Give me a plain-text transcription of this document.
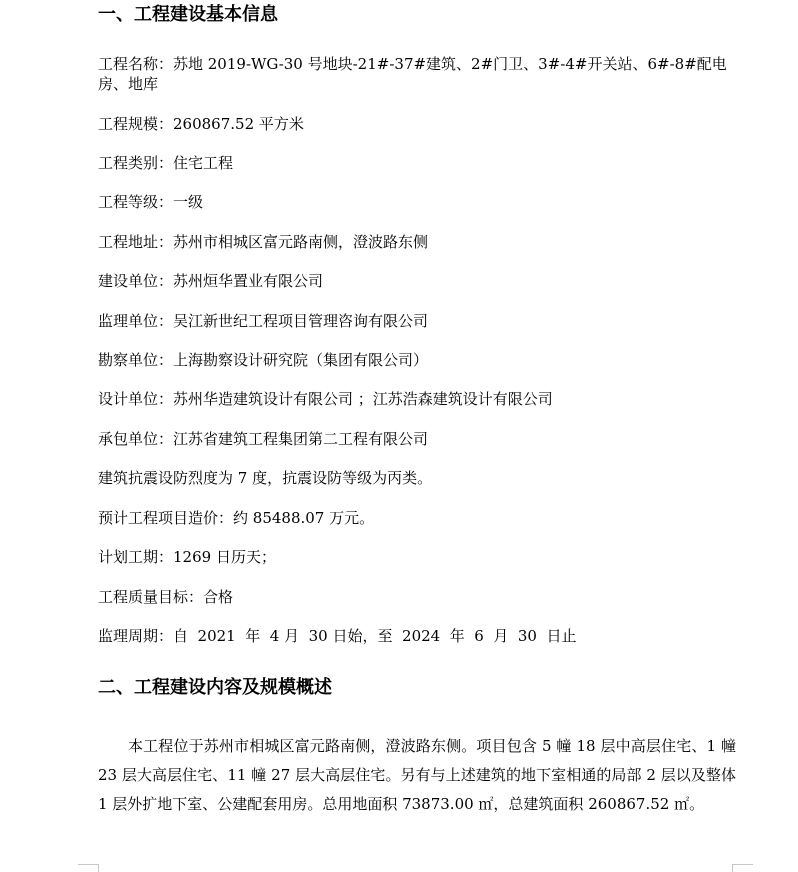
一、工程建设基本信息
工程名称：苏地 2019-WG-30 号地块-21#-37#建筑、2#门卫、3#-4#开关站、6#-8#配电房、地库
工程规模：260867.52 平方米
工程类别：住宅工程
工程等级：一级
工程地址：苏州市相城区富元路南侧，澄波路东侧
建设单位：苏州烜华置业有限公司
监理单位：吴江新世纪工程项目管理咨询有限公司
勘察单位：上海勘察设计研究院（集团有限公司）
设计单位：苏州华造建筑设计有限公司 ；江苏浩森建筑设计有限公司
承包单位：江苏省建筑工程集团第二工程有限公司
建筑抗震设防烈度为 7 度，抗震设防等级为丙类。
预计工程项目造价：约 85488.07 万元。
计划工期：1269 日历天；
工程质量目标：合格
监理周期：自  2021  年  4 月  30 日始，至  2024  年  6  月  30  日止
二、工程建设内容及规模概述

本工程位于苏州市相城区富元路南侧，澄波路东侧。项目包含 5 幢 18 层中高层住宅、1 幢 23 层大高层住宅、11 幢 27 层大高层住宅。另有与上述建筑的地下室相通的局部 2 层以及整体 1 层外扩地下室、公建配套用房。总用地面积 73873.00 ㎡，总建筑面积 260867.52 ㎡。
